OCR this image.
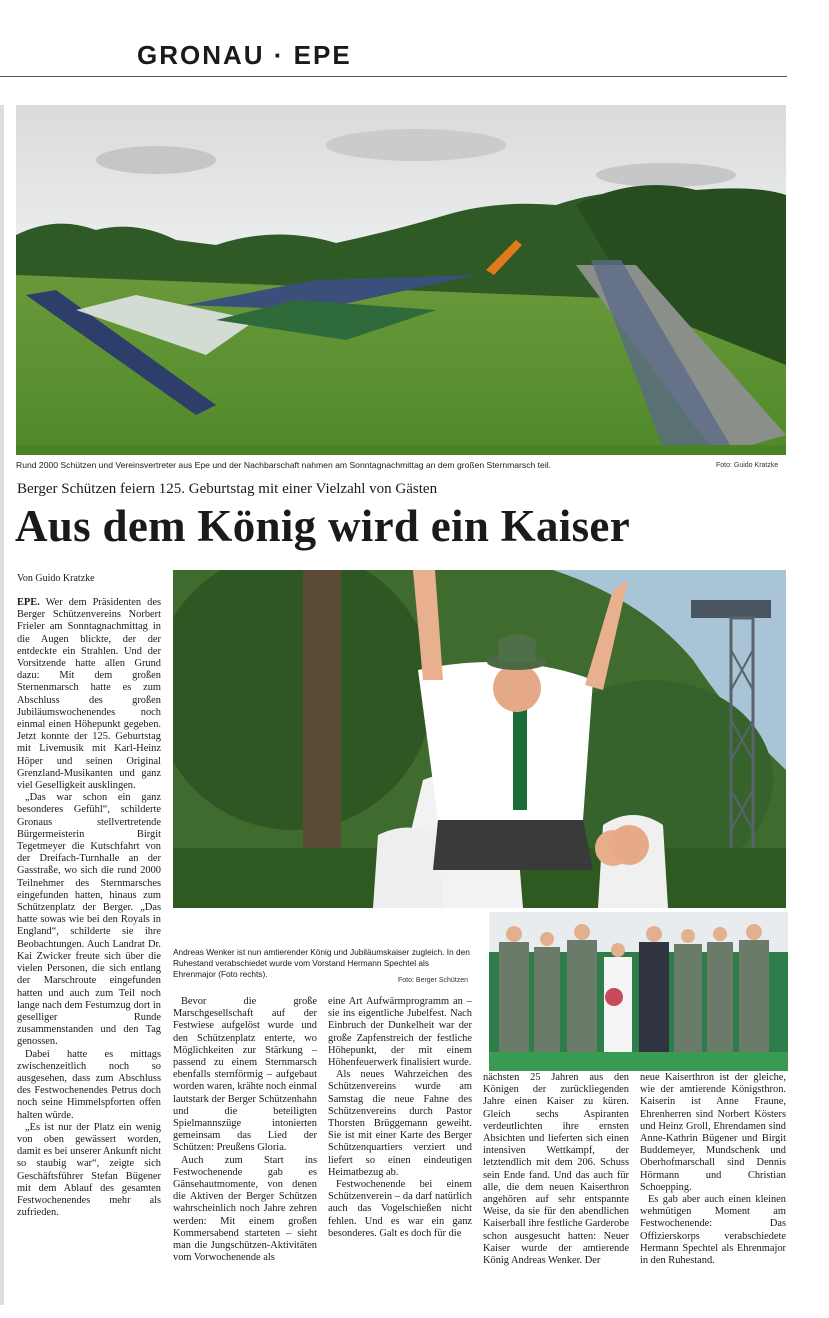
GRONAU · EPE
Rund 2000 Schützen und Vereinsvertreter aus Epe und der Nachbarschaft nahmen am Sonntagnachmittag an dem großen Sternmarsch teil.	Foto: Guido Kratzke
Berger Schützen feiern 125. Geburtstag mit einer Vielzahl von Gästen
Aus dem König wird ein Kaiser
Von Guido Kratzke
Andreas Wenker ist nun amtierender König und Jubiläumskaiser zugleich. In den Ruhestand verabschiedet wurde vom Vorstand Hermann Spechtel als Ehrenmajor (Foto rechts).
Foto: Berger Schützen

EPE. Wer dem Präsidenten des Berger Schützenvereins Norbert Frieler am Sonntagnachmittag in die Augen blickte, der der entdeckte ein Strahlen. Und der Vorsitzende hatte allen Grund dazu: Mit dem großen Sternenmarsch hatte es zum Abschluss des großen Jubiläumswochenendes noch einmal einen Höhepunkt gegeben. Jetzt konnte der 125. Geburtstag mit Livemusik mit Karl-Heinz Höper und seinen Original Grenzland-Musikanten und ganz viel Geselligkeit ausklingen.

„Das war schon ein ganz besonderes Gefühl“, schilderte Gronaus stellvertretende Bürgermeisterin Birgit Tegetmeyer die Kutschfahrt von der Dreifach-Turnhalle an der Gasstraße, wo sich die rund 2000 Teilnehmer des Sternmarsches eingefunden hatten, hinaus zum Schützenplatz der Berger. „Das hatte sowas wie bei den Royals in England“, schilderte sie ihre Beobachtungen. Auch Landrat Dr. Kai Zwicker freute sich über die vielen Personen, die sich entlang der Marschroute eingefunden hatten und auch zum Teil noch lange nach dem Festumzug dort in geselliger Runde zusammenstanden und den Tag genossen.

Dabei hatte es mittags zwischenzeitlich noch so ausgesehen, dass zum Abschluss des Festwochenendes Petrus doch noch seine Himmelspforten offen halten würde.

„Es ist nur der Platz ein wenig von oben gewässert worden, damit es bei unserer Ankunft nicht so staubig war“, zeigte sich Geschäftsführer Stefan Bügener mit dem Ablauf des gesamten Festwochenendes mehr als zufrieden.

Bevor die große Marschgesellschaft auf der Festwiese aufgelöst wurde und den Schützenplatz enterte, wo Möglichkeiten zur Stärkung – passend zu einem Sternmarsch ebenfalls sternförmig – aufgebaut worden waren, krähte noch einmal lautstark der Berger Schützenhahn und die beteiligten Spielmannszüge intonierten gemeinsam das Lied der Schützen: Preußens Gloria.

Auch zum Start ins Festwochenende gab es Gänsehautmomente, von denen die Aktiven der Berger Schützen wahrscheinlich noch Jahre zehren werden: Mit einem großen Kommersabend starteten – sieht man die Jungschützen-Aktivitäten vom Vorwochenende als

eine Art Aufwärmprogramm an – sie ins eigentliche Jubelfest. Nach Einbruch der Dunkelheit war der große Zapfenstreich der festliche Höhepunkt, der mit einem Höhenfeuerwerk finalisiert wurde.

Als neues Wahrzeichen des Schützenvereins wurde am Samstag die neue Fahne des Schützenvereins durch Pastor Thorsten Brüggemann geweiht. Sie ist mit einer Karte des Berger Schützenquartiers verziert und liefert so einen eindeutigen Heimatbezug ab.

Festwochenende bei einem Schützenverein – da darf natürlich auch das Vogelschießen nicht fehlen. Und es war ein ganz besonderes. Galt es doch für die

nächsten 25 Jahren aus den Königen der zurückliegenden Jahre einen Kaiser zu küren. Gleich sechs Aspiranten verdeutlichten ihre ernsten Absichten und lieferten sich einen intensiven Wettkampf, der letztendlich mit dem 206. Schuss sein Ende fand. Und das auch für alle, die dem neuen Kaiserthron angehören auf sehr entspannte Weise, da sie für den abendlichen Kaiserball ihre festliche Garderobe schon ausgesucht hatten: Neuer Kaiser wurde der amtierende König Andreas Wenker. Der

neue Kaiserthron ist der gleiche, wie der amtierende Königsthron. Kaiserin ist Anne Fraune, Ehrenherren sind Norbert Kösters und Heinz Groll, Ehrendamen sind Anne-Kathrin Bügener und Birgit Buddemeyer, Mundschenk und Oberhofmarschall sind Dennis Hörmann und Christian Schoepping.

Es gab aber auch einen kleinen wehmütigen Moment am Festwochenende: Das Offizierskorps verabschiedete Hermann Spechtel als Ehrenmajor in den Ruhestand.
